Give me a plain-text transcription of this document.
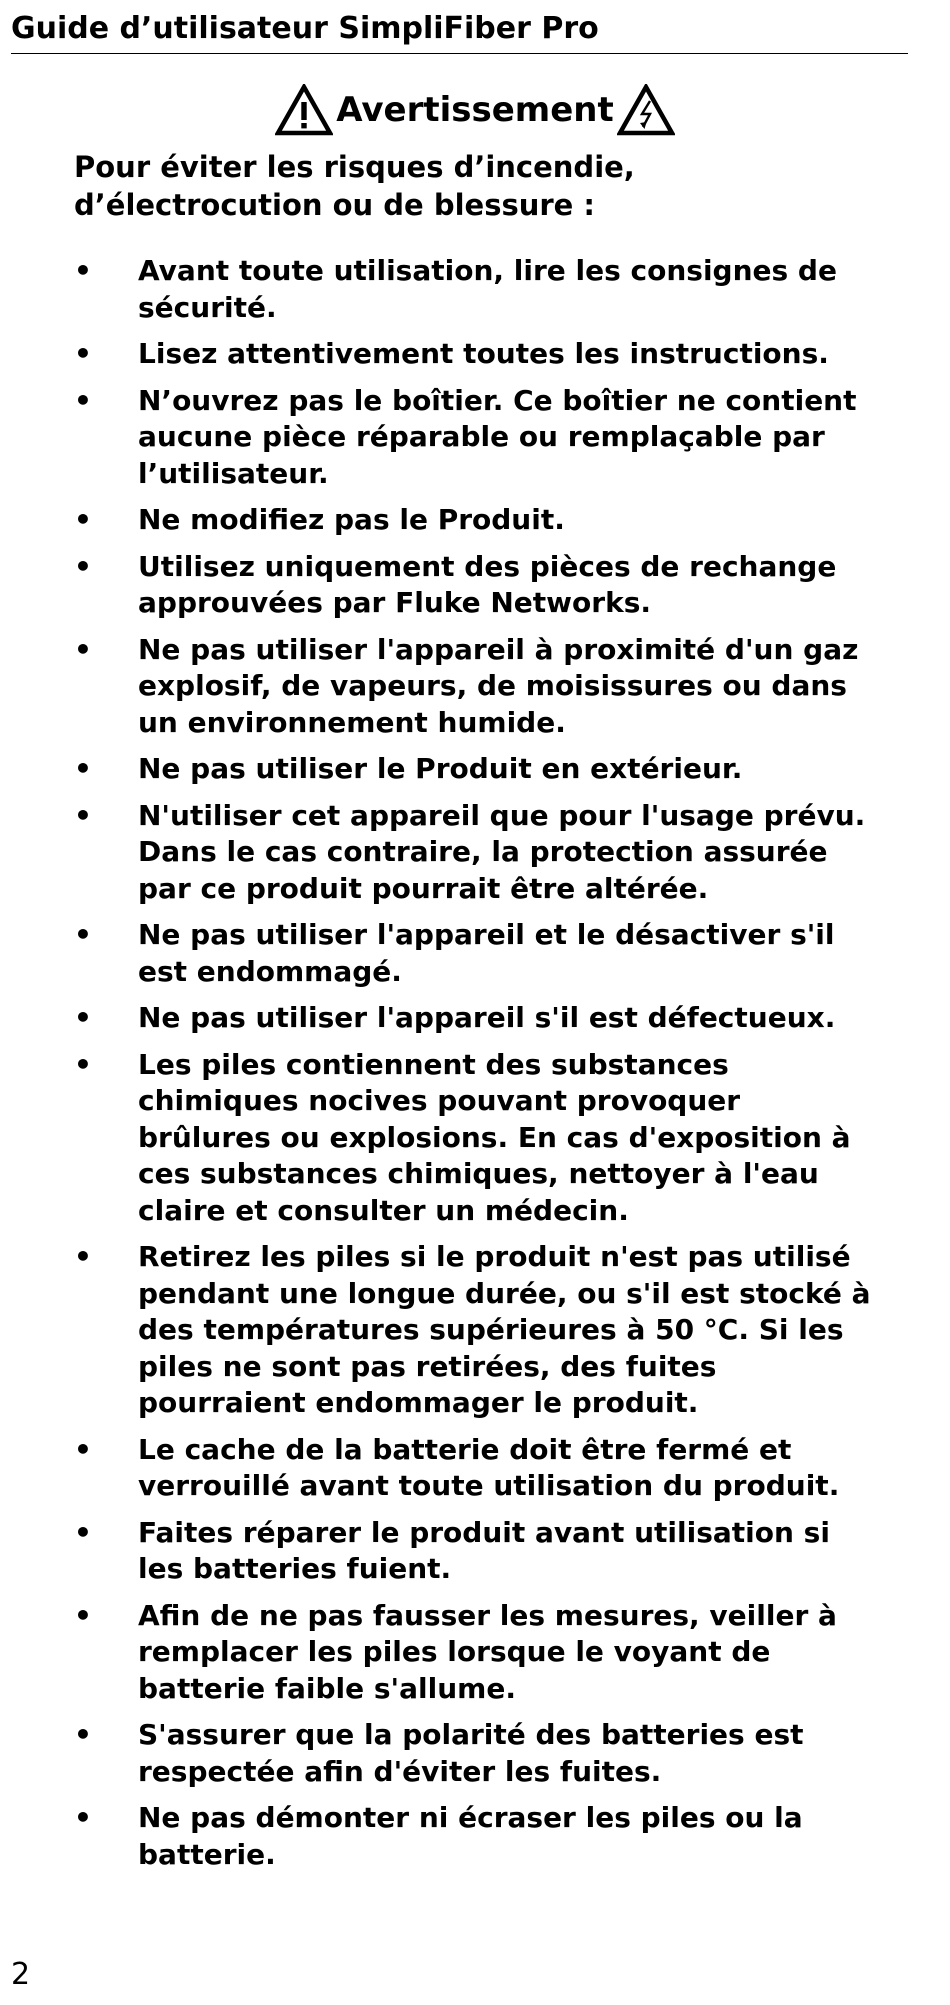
Guide d’utilisateur SimpliFiber Pro
Avertissement
Pour éviter les risques d’incendie, d’électrocution ou de blessure :
• Avant toute utilisation, lire les consignes de sécurité.
• Lisez attentivement toutes les instructions.
• N’ouvrez pas le boîtier. Ce boîtier ne contient aucune pièce réparable ou remplaçable par l’utilisateur.
• Ne modifiez pas le Produit.
• Utilisez uniquement des pièces de rechange approuvées par Fluke Networks.
• Ne pas utiliser l'appareil à proximité d'un gaz explosif, de vapeurs, de moisissures ou dans un environnement humide.
• Ne pas utiliser le Produit en extérieur.
• N'utiliser cet appareil que pour l'usage prévu. Dans le cas contraire, la protection assurée par ce produit pourrait être altérée.
• Ne pas utiliser l'appareil et le désactiver s'il est endommagé.
• Ne pas utiliser l'appareil s'il est défectueux.
• Les piles contiennent des substances chimiques nocives pouvant provoquer brûlures ou explosions. En cas d'exposition à ces substances chimiques, nettoyer à l'eau claire et consulter un médecin.
• Retirez les piles si le produit n'est pas utilisé pendant une longue durée, ou s'il est stocké à des températures supérieures à 50 °C. Si les piles ne sont pas retirées, des fuites pourraient endommager le produit.
• Le cache de la batterie doit être fermé et verrouillé avant toute utilisation du produit.
• Faites réparer le produit avant utilisation si les batteries fuient.
• Afin de ne pas fausser les mesures, veiller à remplacer les piles lorsque le voyant de batterie faible s'allume.
• S'assurer que la polarité des batteries est respectée afin d'éviter les fuites.
• Ne pas démonter ni écraser les piles ou la batterie.
2
